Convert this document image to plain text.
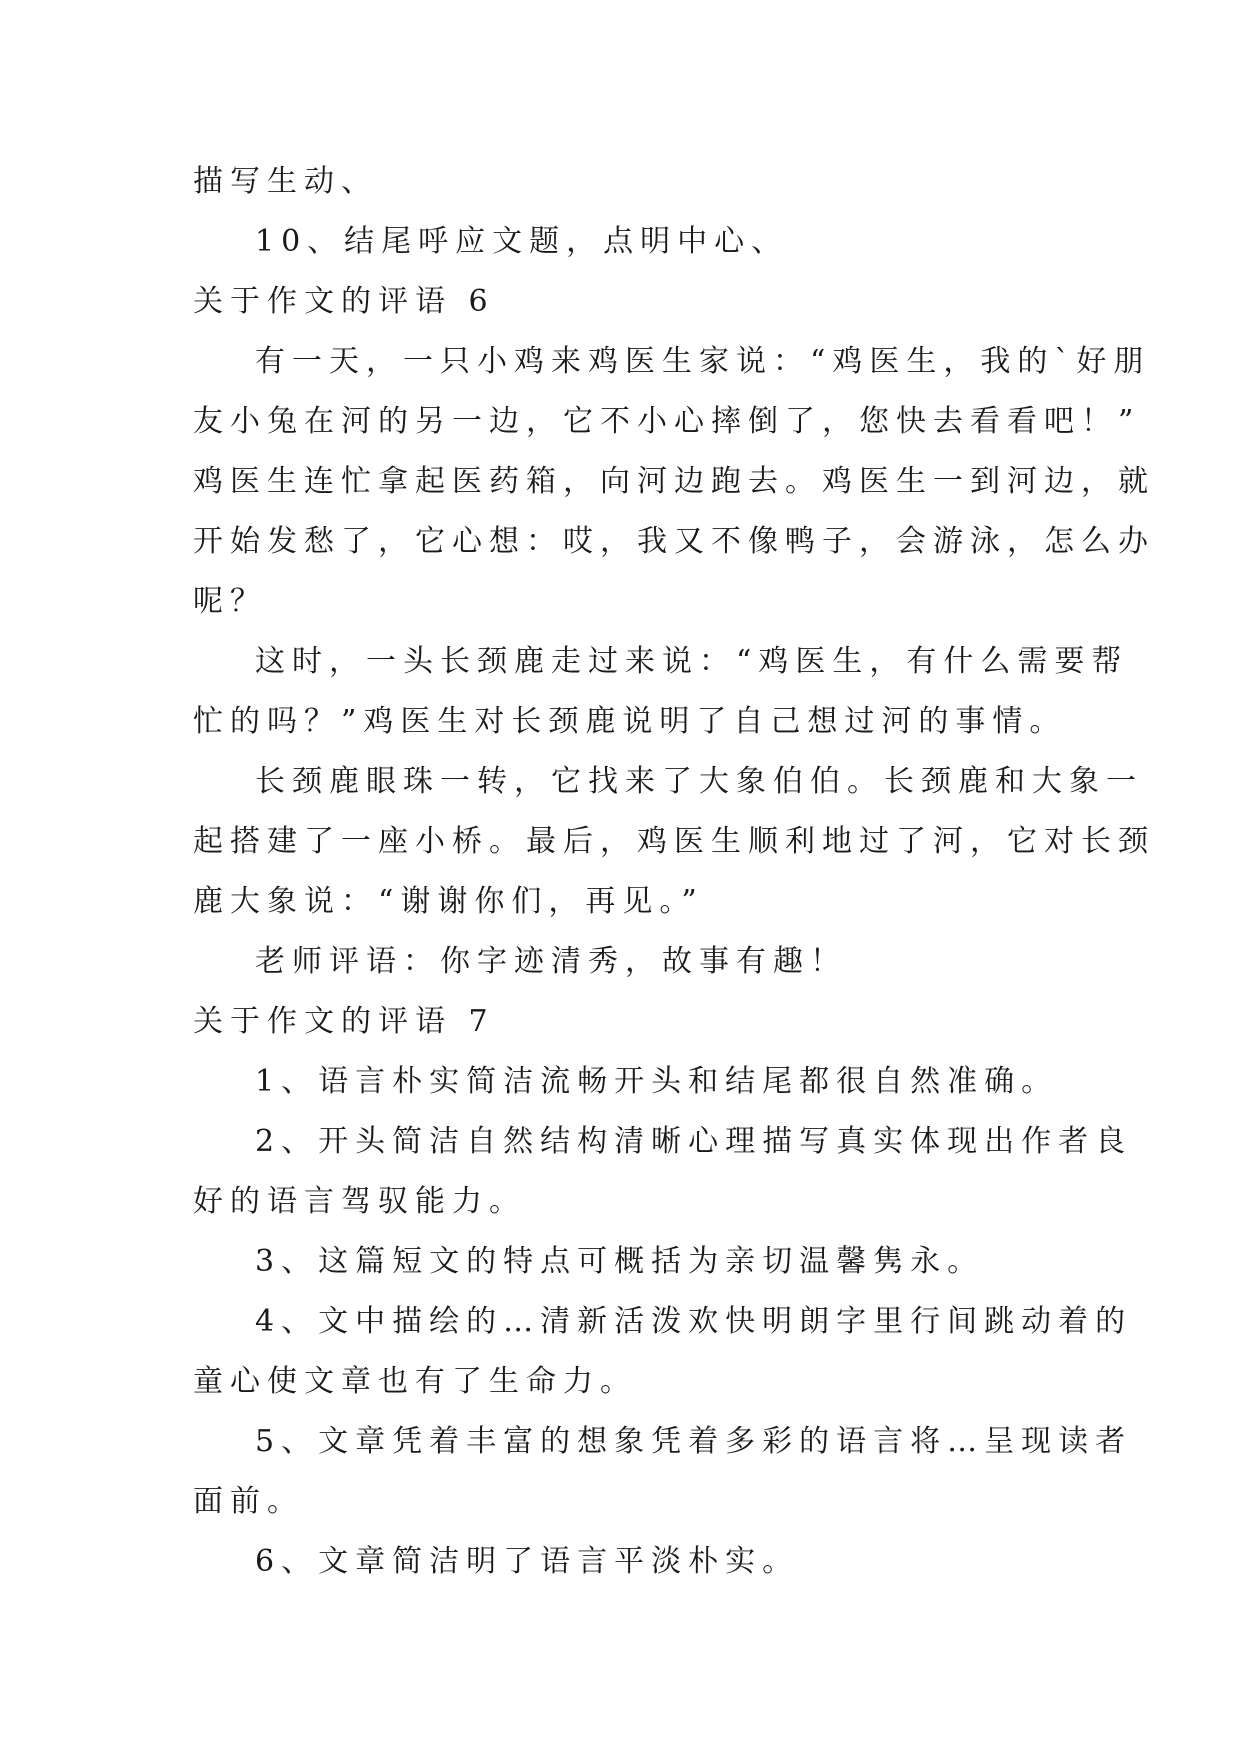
描写生动、
10、结尾呼应文题，点明中心、
关于作文的评语 6
有一天，一只小鸡来鸡医生家说：“鸡医生，我的`好朋
友小兔在河的另一边，它不小心摔倒了，您快去看看吧！”
鸡医生连忙拿起医药箱，向河边跑去。鸡医生一到河边，就
开始发愁了，它心想：哎，我又不像鸭子，会游泳，怎么办
呢？
这时，一头长颈鹿走过来说：“鸡医生，有什么需要帮
忙的吗？”鸡医生对长颈鹿说明了自己想过河的事情。
长颈鹿眼珠一转，它找来了大象伯伯。长颈鹿和大象一
起搭建了一座小桥。最后，鸡医生顺利地过了河，它对长颈
鹿大象说：“谢谢你们，再见。”
老师评语：你字迹清秀，故事有趣！
关于作文的评语 7
1、语言朴实简洁流畅开头和结尾都很自然准确。
2、开头简洁自然结构清晰心理描写真实体现出作者良
好的语言驾驭能力。
3、这篇短文的特点可概括为亲切温馨隽永。
4、文中描绘的…清新活泼欢快明朗字里行间跳动着的
童心使文章也有了生命力。
5、文章凭着丰富的想象凭着多彩的语言将…呈现读者
面前。
6、文章简洁明了语言平淡朴实。
